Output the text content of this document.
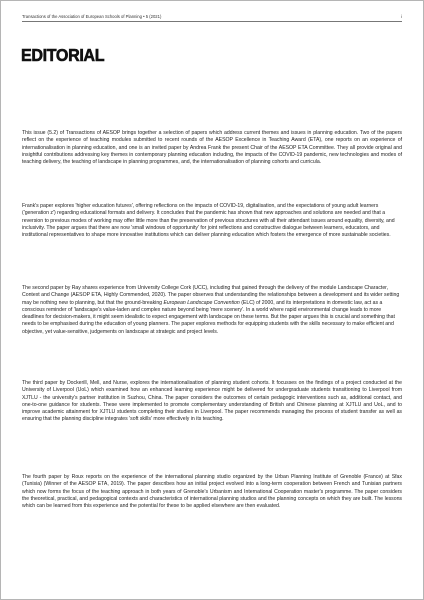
Transactions of the Association of European Schools of Planning • 5 (2021)	i
EDITORIAL

This issue (5.2) of Transactions of AESOP brings together a selection of papers which address current themes and issues in planning education. Two of the papers reflect on the experience of teaching modules submitted to recent rounds of the AESOP Excellence in Teaching Award (ETA), one reports on an experience of internationalisation in planning education, and one is an invited paper by Andrea Frank the present Chair of the AESOP ETA Committee. They all provide original and insightful contributions addressing key themes in contemporary planning education including, the impacts of the COVID-19 pandemic, new technologies and modes of teaching delivery, the teaching of landscape in planning programmes, and, the internationalisation of planning cohorts and curricula.

Frank's paper explores 'higher education futures', offering reflections on the impacts of COVID-19, digitalisation, and the expectations of young adult learners ('generation z') regarding educational formats and delivery. It concludes that the pandemic has shown that new approaches and solutions are needed and that a reversion to previous modes of working may offer little more than the preservation of previous structures with all their attendant issues around equality, diversity, and inclusivity. The paper argues that there are now 'small windows of opportunity' for joint reflections and constructive dialogue between learners, educators, and institutional representatives to shape more innovative institutions which can deliver planning education which fosters the emergence of more sustainable societies.

The second paper by Ray shares experience from University College Cork (UCC), including that gained through the delivery of the module Landscape Character, Context and Change (AESOP ETA, Highly Commended, 2020). The paper observes that understanding the relationships between a development and its wider setting may be nothing new to planning, but that the ground-breaking European Landscape Convention (ELC) of 2000, and its interpretations in domestic law, act as a conscious reminder of 'landscape's value-laden and complex nature beyond being 'mere scenery'. In a world where rapid environmental change leads to more deadlines for decision-makers, it might seem idealistic to expect engagement with landscape on these terms. But the paper argues this is crucial and something that needs to be emphasised during the education of young planners. The paper explores methods for equipping students with the skills necessary to make efficient and objective, yet value-sensitive, judgements on landscape at strategic and project levels.

The third paper by Dockerill, Mell, and Nurse, explores the internationalisation of planning student cohorts. It focusses on the findings of a project conducted at the University of Liverpool (UoL) which examined how an enhanced learning experience might be delivered for undergraduate students transitioning to Liverpool from XJTLU - the university's partner institution in Suzhou, China. The paper considers the outcomes of certain pedagogic interventions such as, additional contact, and one-to-one guidance for students. These were implemented to promote complementary understanding of British and Chinese planning at XJTLU and UoL, and to improve academic attainment for XJTLU students completing their studies in Liverpool. The paper recommends managing the process of student transfer as well as ensuring that the planning discipline integrates 'soft skills' more effectively in its teaching.

The fourth paper by Roux reports on the experience of the international planning studio organized by the Urban Planning Institute of Grenoble (France) at Sfax (Tunisia) (Winner of the AESOP ETA, 2019). The paper describes how an initial project evolved into a long-term cooperation between French and Tunisian partners which now forms the focus of the teaching approach in both years of Grenoble's Urbanism and International Cooperation master's programme. The paper considers the theoretical, practical, and pedagogical contexts and characteristics of international planning studios and the planning concepts on which they are built. The lessons which can be learned from this experience and the potential for these to be applied elsewhere are then evaluated.
